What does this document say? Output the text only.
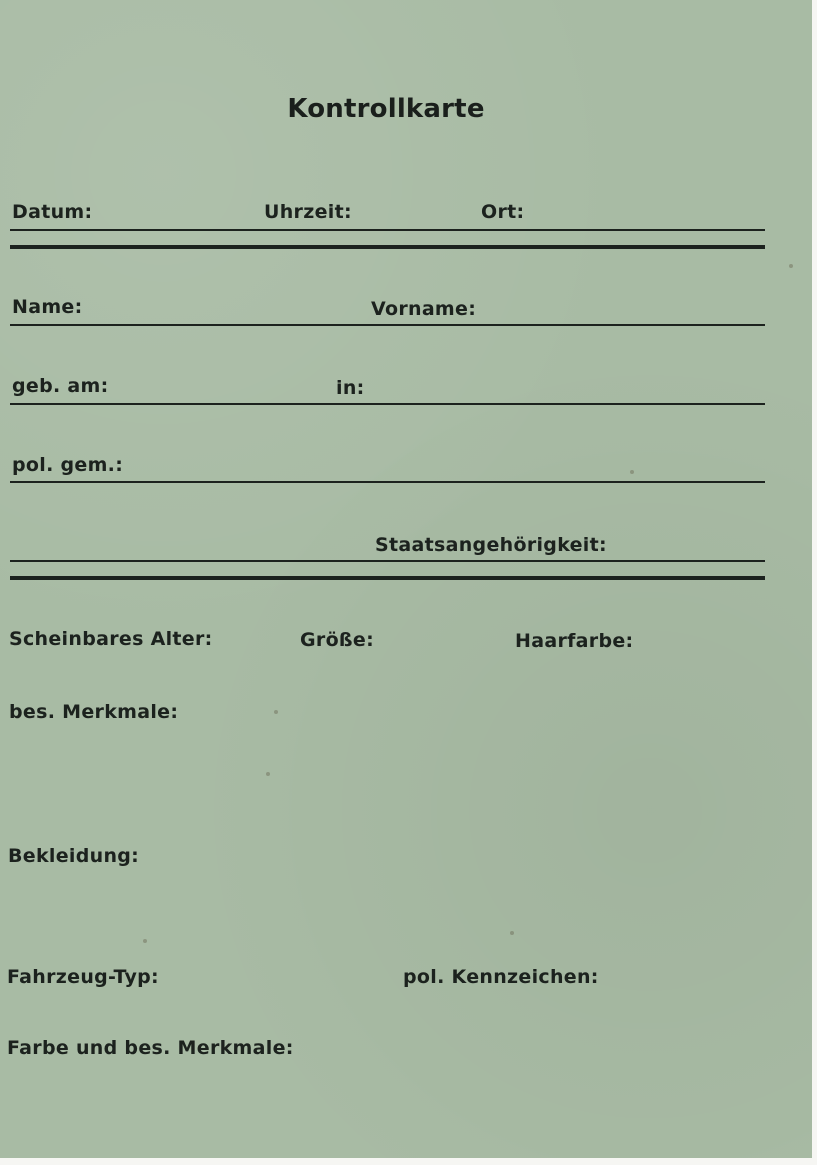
Kontrollkarte
Datum:	Uhrzeit:	Ort:
Name:	Vorname:
geb. am:	in:
pol. gem.:
Staatsangehörigkeit:
Scheinbares Alter:	Größe:	Haarfarbe:
bes. Merkmale:
Bekleidung:
Fahrzeug-Typ:	pol. Kennzeichen:
Farbe und bes. Merkmale:
